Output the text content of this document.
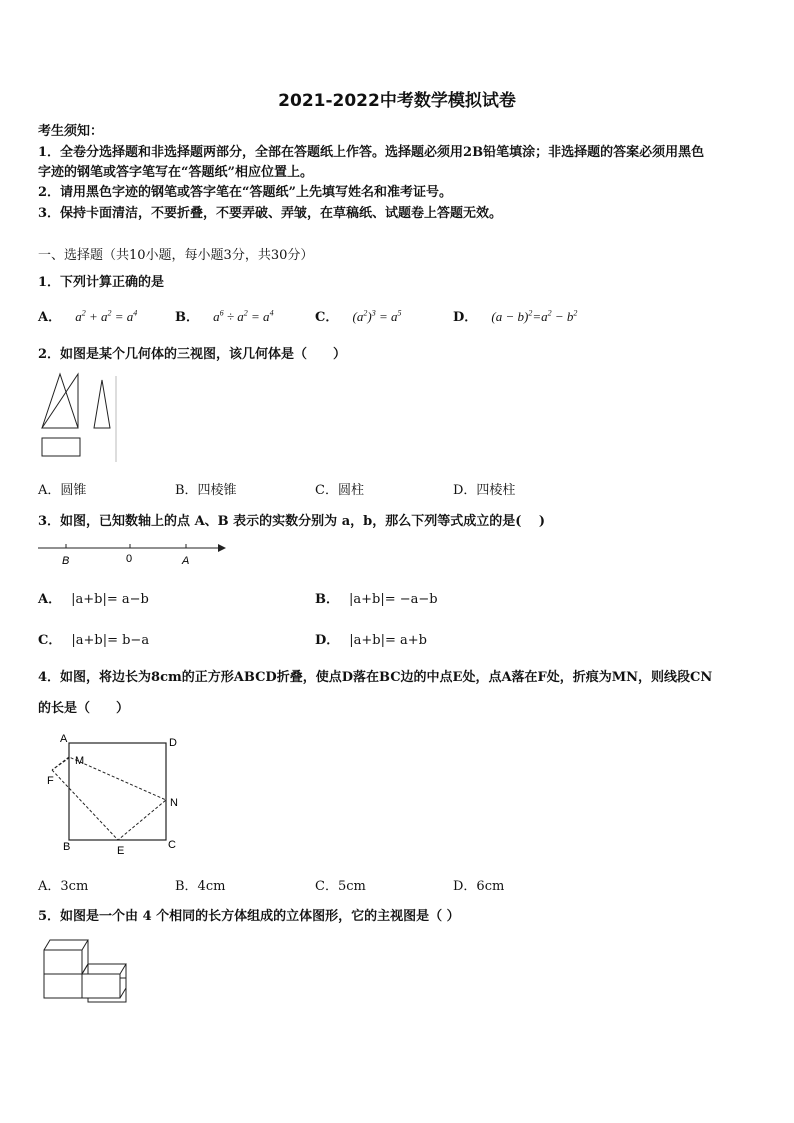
2021-2022中考数学模拟试卷
考生须知：
1．全卷分选择题和非选择题两部分，全部在答题纸上作答。选择题必须用2B铅笔填涂；非选择题的答案必须用黑色
字迹的钢笔或答字笔写在“答题纸”相应位置上。
2．请用黑色字迹的钢笔或答字笔在“答题纸”上先填写姓名和准考证号。
3．保持卡面清洁，不要折叠，不要弄破、弄皱，在草稿纸、试题卷上答题无效。
一、选择题（共10小题，每小题3分，共30分）
1．下列计算正确的是
A． $a^2 + a^2 = a^4$	B． $a^6 \div a^2 = a^4$	C． $(a^2)^3 = a^5$	D． $(a - b)^2=a^2 - b^2$
2．如图是某个几何体的三视图，该几何体是（　　）
A．圆锥	B．四棱锥	C．圆柱	D．四棱柱
3．如图，已知数轴上的点 A、B 表示的实数分别为 a，b，那么下列等式成立的是(　 )
B	0	A
A． |a+b|= a−b	B． |a+b|= −a−b
C． |a+b|= b−a	D． |a+b|= a+b
4．如图，将边长为8cm的正方形ABCD折叠，使点D落在BC边的中点E处，点A落在F处，折痕为MN，则线段CN
的长是（　　）
A	D
M
F
N
B	E	C
A．3cm	B．4cm	C．5cm	D．6cm
5．如图是一个由 4 个相同的长方体组成的立体图形，它的主视图是（ ）
